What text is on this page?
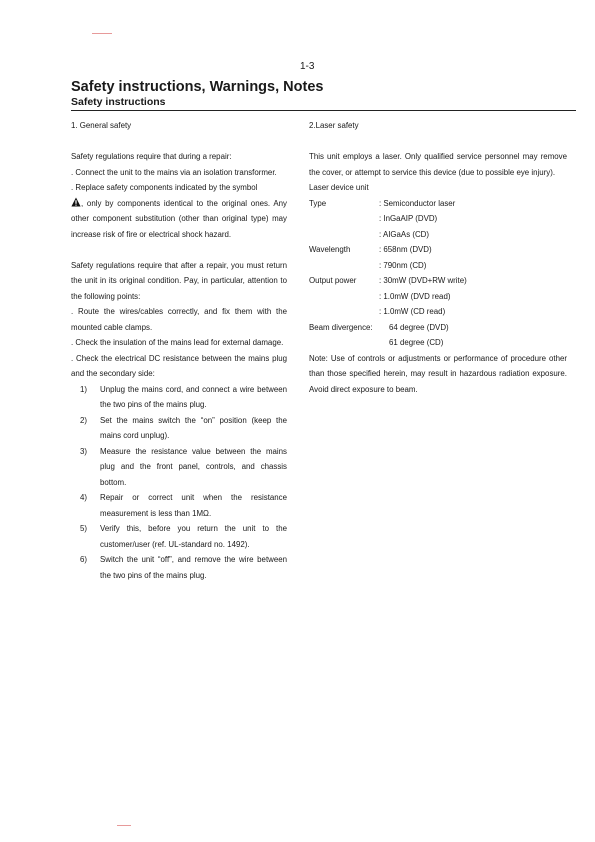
1-3
Safety instructions, Warnings, Notes
Safety instructions

1. General safety

Safety regulations require that during a repair:

. Connect the unit to the mains via an isolation transformer.

. Replace safety components indicated by the symbol
, only by components identical to the original ones. Any other component substitution (other than original type) may increase risk of fire or electrical shock hazard.

Safety regulations require that after a repair, you must return the unit in its original condition. Pay, in particular, attention to the following points:

. Route the wires/cables correctly, and fix them with the mounted cable clamps.

. Check the insulation of the mains lead for external damage.

. Check the electrical DC resistance between the mains plug and the secondary side:

1) Unplug the mains cord, and connect a wire between the two pins of the mains plug.
2) Set the mains switch the “on” position (keep the mains cord unplug).
3) Measure the resistance value between the mains plug and the front panel, controls, and chassis bottom.
4) Repair or correct unit when the resistance measurement is less than 1MΩ.
5) Verify this, before you return the unit to the customer/user (ref. UL-standard no. 1492).
6) Switch the unit “off”, and remove the wire between the two pins of the mains plug.

2.Laser safety

This unit employs a laser. Only qualified service personnel may remove the cover, or attempt to service this device (due to possible eye injury).

Laser device unit

Type	: Semiconductor laser
: InGaAIP (DVD)
: AIGaAs (CD)
Wavelength	: 658nm (DVD)
: 790nm (CD)
Output power	: 30mW (DVD+RW write)
: 1.0mW (DVD read)
: 1.0mW (CD read)
Beam divergence:	64 degree (DVD)
61 degree (CD)

Note: Use of controls or adjustments or performance of procedure other than those specified herein, may result in hazardous radiation exposure. Avoid direct exposure to beam.
